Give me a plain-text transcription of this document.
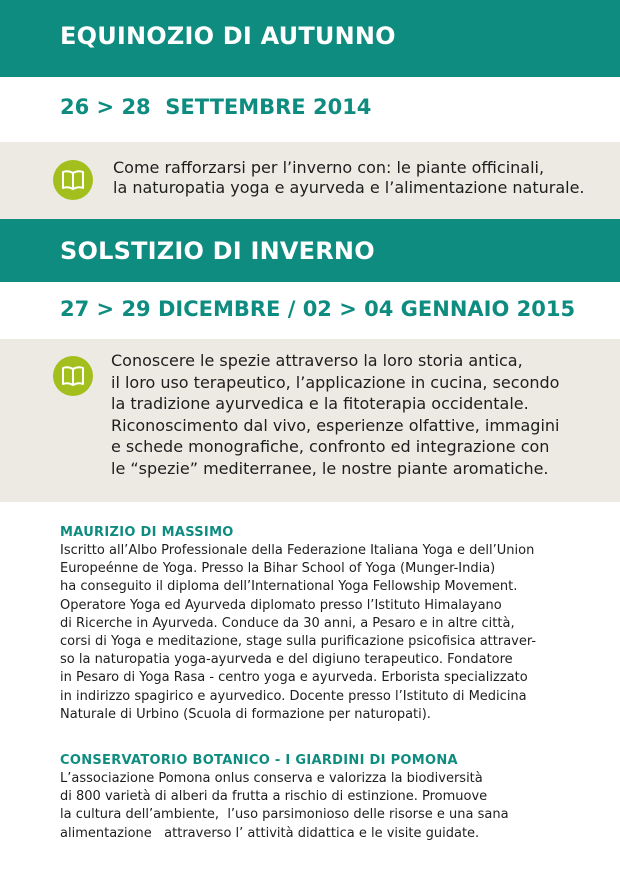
EQUINOZIO DI AUTUNNO
26 > 28  SETTEMBRE 2014
Come rafforzarsi per l’inverno con: le piante officinali,
la naturopatia yoga e ayurveda e l’alimentazione naturale.
SOLSTIZIO DI INVERNO
27 > 29 DICEMBRE / 02 > 04 GENNAIO 2015
Conoscere le spezie attraverso la loro storia antica,
il loro uso terapeutico, l’applicazione in cucina, secondo
la tradizione ayurvedica e la fitoterapia occidentale.
Riconoscimento dal vivo, esperienze olfattive, immagini
e schede monografiche, confronto ed integrazione con
le “spezie” mediterranee, le nostre piante aromatiche.
MAURIZIO DI MASSIMO
Iscritto all’Albo Professionale della Federazione Italiana Yoga e dell’Union
Europeénne de Yoga. Presso la Bihar School of Yoga (Munger-India)
ha conseguito il diploma dell’International Yoga Fellowship Movement.
Operatore Yoga ed Ayurveda diplomato presso l’Istituto Himalayano
di Ricerche in Ayurveda. Conduce da 30 anni, a Pesaro e in altre città,
corsi di Yoga e meditazione, stage sulla purificazione psicofisica attraver-
so la naturopatia yoga-ayurveda e del digiuno terapeutico. Fondatore
in Pesaro di Yoga Rasa - centro yoga e ayurveda. Erborista specializzato
in indirizzo spagirico e ayurvedico. Docente presso l’Istituto di Medicina
Naturale di Urbino (Scuola di formazione per naturopati).
CONSERVATORIO BOTANICO - I GIARDINI DI POMONA
L’associazione Pomona onlus conserva e valorizza la biodiversità
di 800 varietà di alberi da frutta a rischio di estinzione. Promuove
la cultura dell’ambiente,  l’uso parsimonioso delle risorse e una sana
alimentazione   attraverso l’ attività didattica e le visite guidate.
